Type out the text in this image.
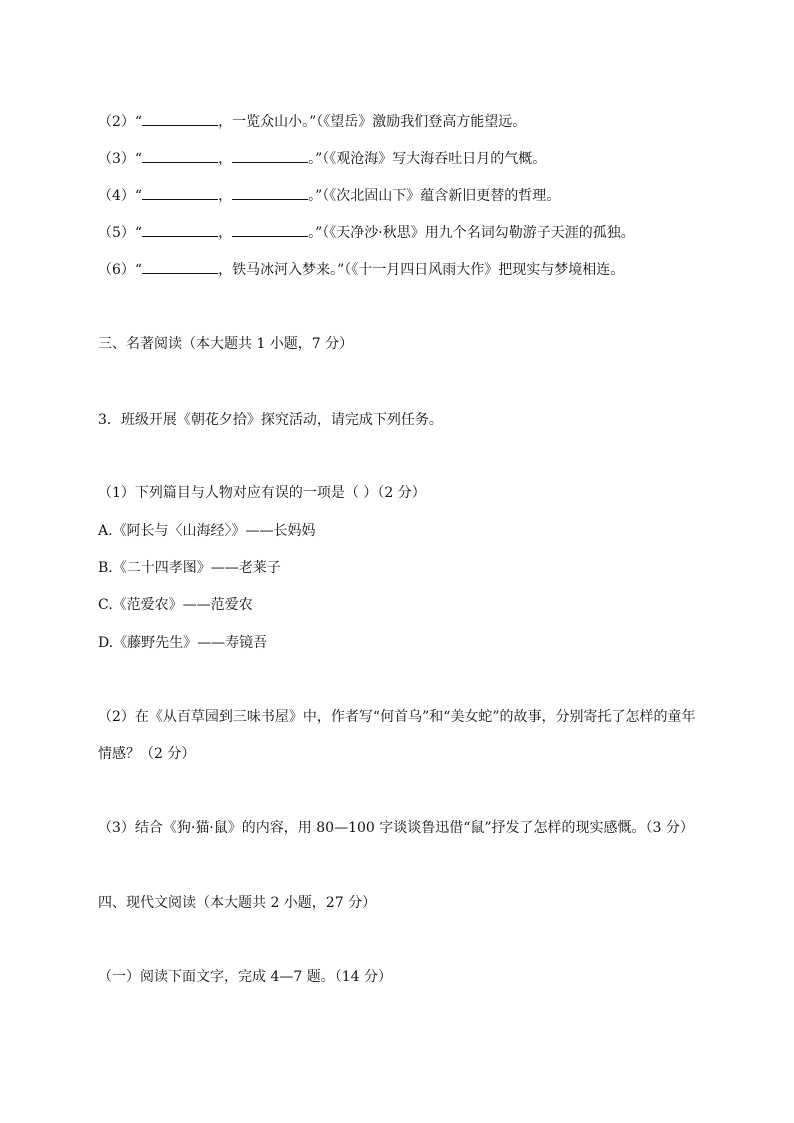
（2）“	，一览众山小。”（《望岳》激励我们登高方能望远。
（3）“	，	。”（《观沧海》写大海吞吐日月的气概。
（4）“	，	。”（《次北固山下》蕴含新旧更替的哲理。
（5）“	，	。”（《天净沙·秋思》用九个名词勾勒游子天涯的孤独。
（6）“	，铁马冰河入梦来。”（《十一月四日风雨大作》把现实与梦境相连。
三、名著阅读（本大题共 1 小题，7 分）
3．班级开展《朝花夕拾》探究活动，请完成下列任务。
（1）下列篇目与人物对应有误的一项是（ ）（2 分）
A.《阿长与〈山海经〉》——长妈妈
B.《二十四孝图》——老莱子
C.《范爱农》——范爱农
D.《藤野先生》——寿镜吾
（2）在《从百草园到三味书屋》中，作者写“何首乌”和“美女蛇”的故事，分别寄托了怎样的童年
情感？（2 分）
（3）结合《狗·猫·鼠》的内容，用 80—100 字谈谈鲁迅借“鼠”抒发了怎样的现实感慨。（3 分）
四、现代文阅读（本大题共 2 小题，27 分）
（一）阅读下面文字，完成 4—7 题。（14 分）
